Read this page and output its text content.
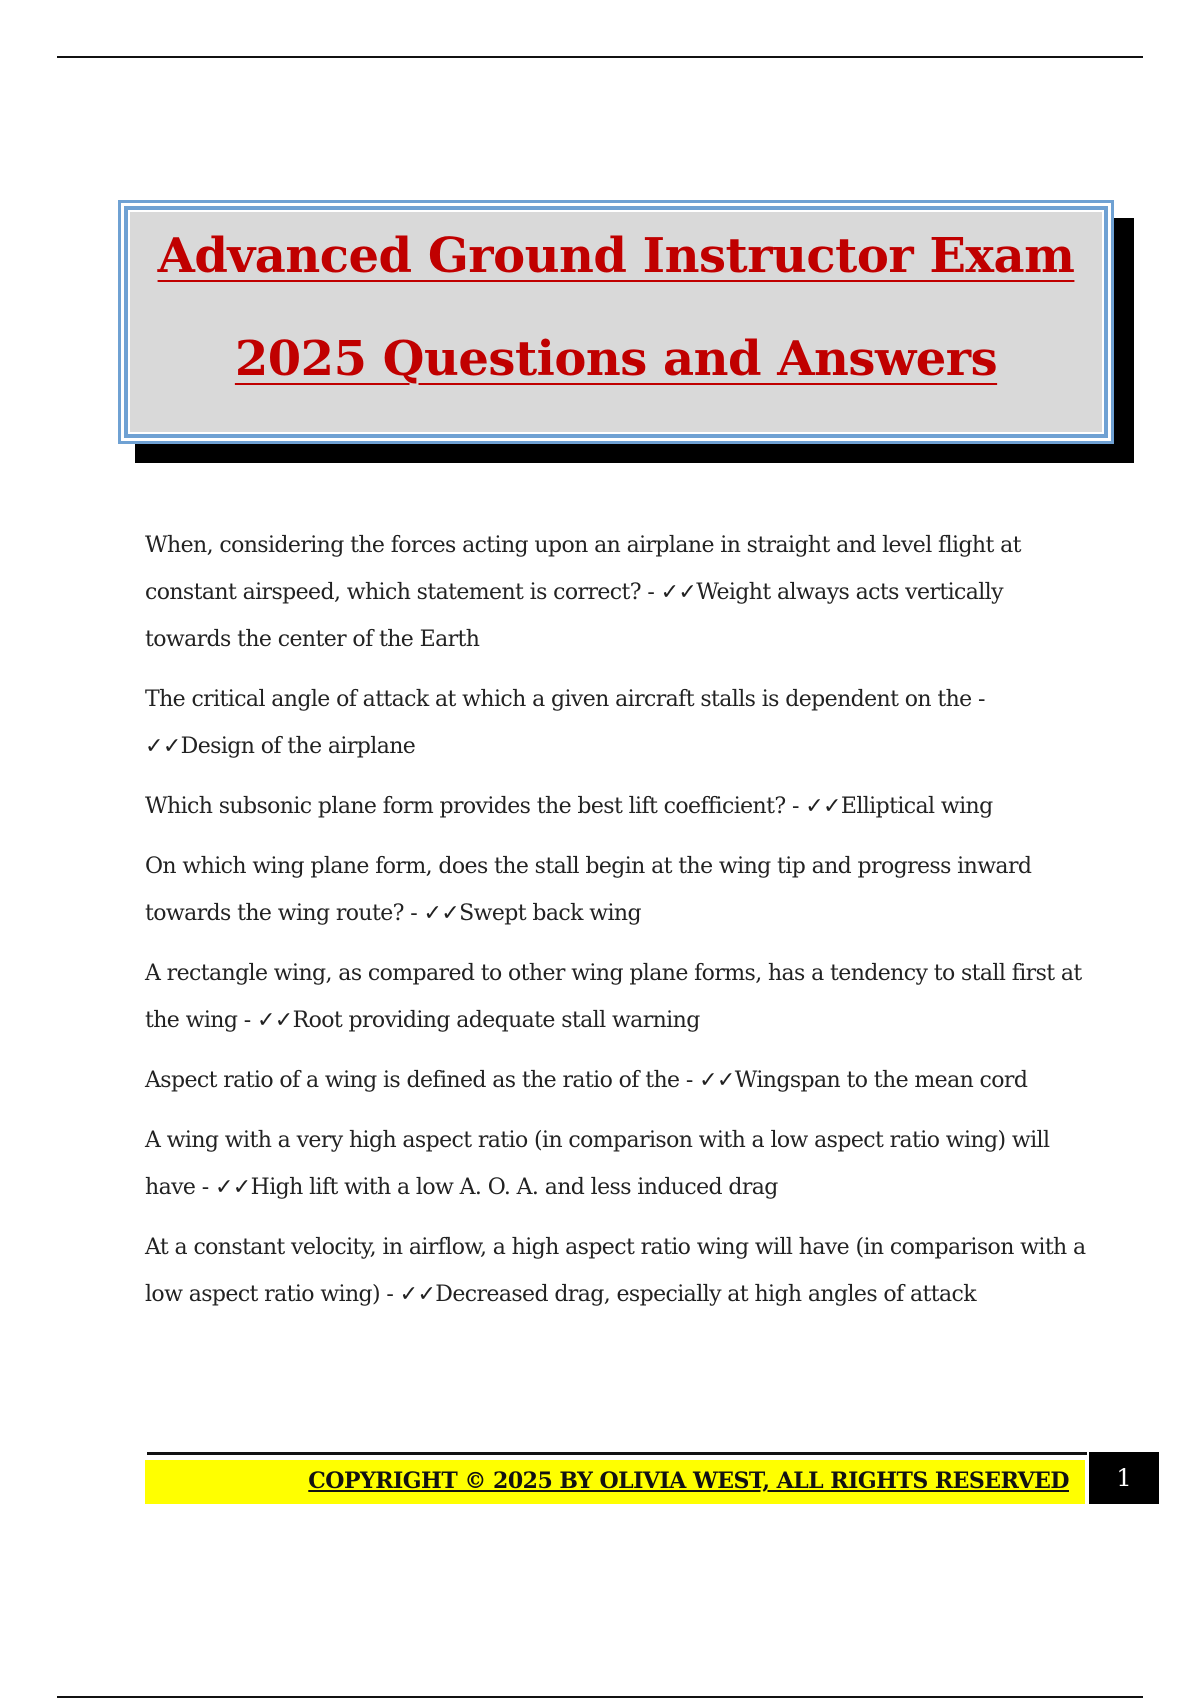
Advanced Ground Instructor Exam
2025 Questions and Answers

When, considering the forces acting upon an airplane in straight and level flight at constant airspeed, which statement is correct? - ✓✓Weight always acts vertically towards the center of the Earth

The critical angle of attack at which a given aircraft stalls is dependent on the - ✓✓Design of the airplane

Which subsonic plane form provides the best lift coefficient? - ✓✓Elliptical wing

On which wing plane form, does the stall begin at the wing tip and progress inward towards the wing route? - ✓✓Swept back wing

A rectangle wing, as compared to other wing plane forms, has a tendency to stall first at the wing - ✓✓Root providing adequate stall warning

Aspect ratio of a wing is defined as the ratio of the - ✓✓Wingspan to the mean cord

A wing with a very high aspect ratio (in comparison with a low aspect ratio wing) will have - ✓✓High lift with a low A. O. A. and less induced drag

At a constant velocity, in airflow, a high aspect ratio wing will have (in comparison with a low aspect ratio wing) - ✓✓Decreased drag, especially at high angles of attack

COPYRIGHT © 2025 BY OLIVIA WEST, ALL RIGHTS RESERVED	1
